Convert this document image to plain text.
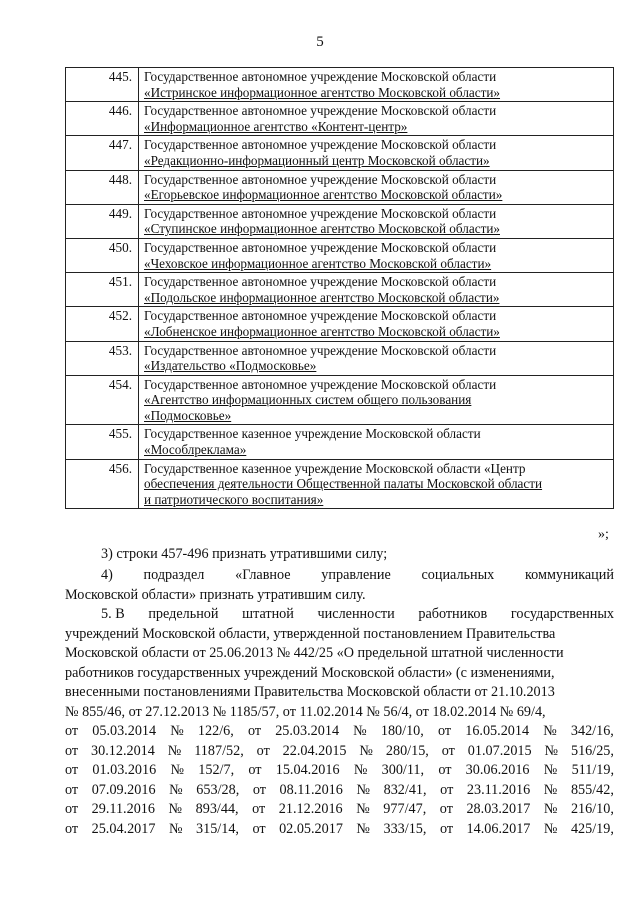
5
445.	Государственное автономное учреждение Московской области
«Истринское информационное агентство Московской области»

446.	Государственное автономное учреждение Московской области
«Информационное агентство «Контент-центр»

447.	Государственное автономное учреждение Московской области
«Редакционно-информационный центр Московской области»

448.	Государственное автономное учреждение Московской области
«Егорьевское информационное агентство Московской области»

449.	Государственное автономное учреждение Московской области
«Ступинское информационное агентство Московской области»

450.	Государственное автономное учреждение Московской области
«Чеховское информационное агентство Московской области»

451.	Государственное автономное учреждение Московской области
«Подольское информационное агентство Московской области»

452.	Государственное автономное учреждение Московской области
«Лобненское информационное агентство Московской области»

453.	Государственное автономное учреждение Московской области
«Издательство «Подмосковье»

454.	Государственное автономное учреждение Московской области
«Агентство информационных систем общего пользования
«Подмосковье»

455.	Государственное казенное учреждение Московской области
«Мособлреклама»

456.	Государственное казенное учреждение Московской области «Центр
обеспечения деятельности Общественной палаты Московской области
и патриотического воспитания»
»;
3) строки 457-496 признать утратившими силу;
4) подраздел «Главное управление социальных коммуникаций
Московской области» признать утратившим силу.
5. В предельной штатной численности работников государственных
учреждений Московской области, утвержденной постановлением Правительства
Московской области от 25.06.2013 № 442/25 «О предельной штатной численности
работников государственных учреждений Московской области» (с изменениями,
внесенными постановлениями Правительства Московской области от 21.10.2013
№ 855/46, от 27.12.2013 № 1185/57, от 11.02.2014 № 56/4, от 18.02.2014 № 69/4,
от 05.03.2014 № 122/6, от 25.03.2014 № 180/10, от 16.05.2014 № 342/16,
от 30.12.2014 № 1187/52, от 22.04.2015 № 280/15, от 01.07.2015 № 516/25,
от 01.03.2016 № 152/7, от 15.04.2016 № 300/11, от 30.06.2016 № 511/19,
от 07.09.2016 № 653/28, от 08.11.2016 № 832/41, от 23.11.2016 № 855/42,
от 29.11.2016 № 893/44, от 21.12.2016 № 977/47, от 28.03.2017 № 216/10,
от 25.04.2017 № 315/14, от 02.05.2017 № 333/15, от 14.06.2017 № 425/19,
